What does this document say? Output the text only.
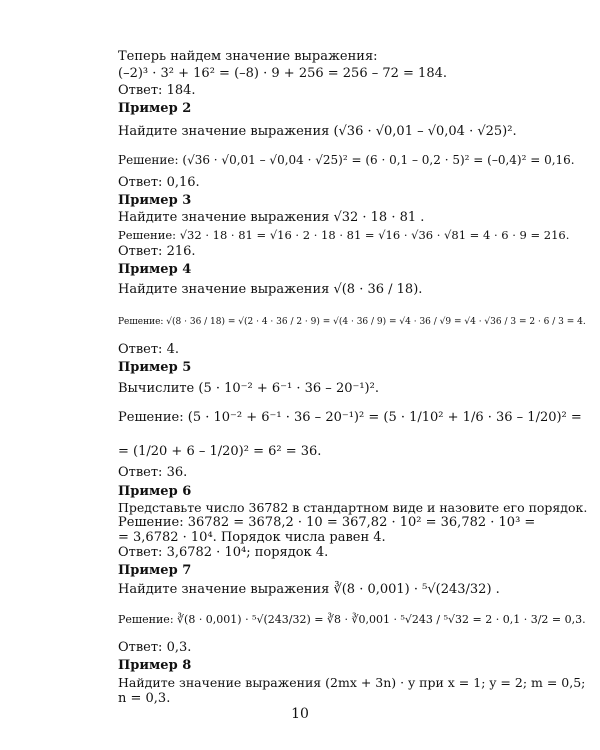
Теперь найдем значение выражения:
(–2)³ · 3² + 16² = (–8) · 9 + 256 = 256 – 72 = 184.
Ответ: 184.
Пример 2
Найдите значение выражения (√36 · √0,01 – √0,04 · √25)².
Решение: (√36 · √0,01 – √0,04 · √25)² = (6 · 0,1 – 0,2 · 5)² = (–0,4)² = 0,16.
Ответ: 0,16.
Пример 3
Найдите значение выражения √32 · 18 · 81 .
Решение: √32 · 18 · 81 = √16 · 2 · 18 · 81 = √16 · √36 · √81 = 4 · 6 · 9 = 216.
Ответ: 216.
Пример 4
Найдите значение выражения √(8 · 36 / 18).
Решение: √(8 · 36 / 18) = √(2 · 4 · 36 / 2 · 9) = √(4 · 36 / 9) = √4 · 36 / √9 = √4 · √36 / 3 = 2 · 6 / 3 = 4.
Ответ: 4.
Пример 5
Вычислите (5 · 10⁻² + 6⁻¹ · 36 – 20⁻¹)².
Решение: (5 · 10⁻² + 6⁻¹ · 36 – 20⁻¹)² = (5 · 1/10² + 1/6 · 36 – 1/20)² =
= (1/20 + 6 – 1/20)² = 6² = 36.
Ответ: 36.
Пример 6
Представьте число 36782 в стандартном виде и назовите его порядок.
Решение: 36782 = 3678,2 · 10 = 367,82 · 10² = 36,782 · 10³ =
= 3,6782 · 10⁴. Порядок числа равен 4.
Ответ: 3,6782 · 10⁴; порядок 4.
Пример 7
Найдите значение выражения ∛(8 · 0,001) · ⁵√(243/32) .
Решение: ∛(8 · 0,001) · ⁵√(243/32) = ∛8 · ∛0,001 · ⁵√243 / ⁵√32 = 2 · 0,1 · 3/2 = 0,3.
Ответ: 0,3.
Пример 8
Найдите значение выражения (2mx + 3n) · y при x = 1; y = 2; m = 0,5;
n = 0,3.
10
